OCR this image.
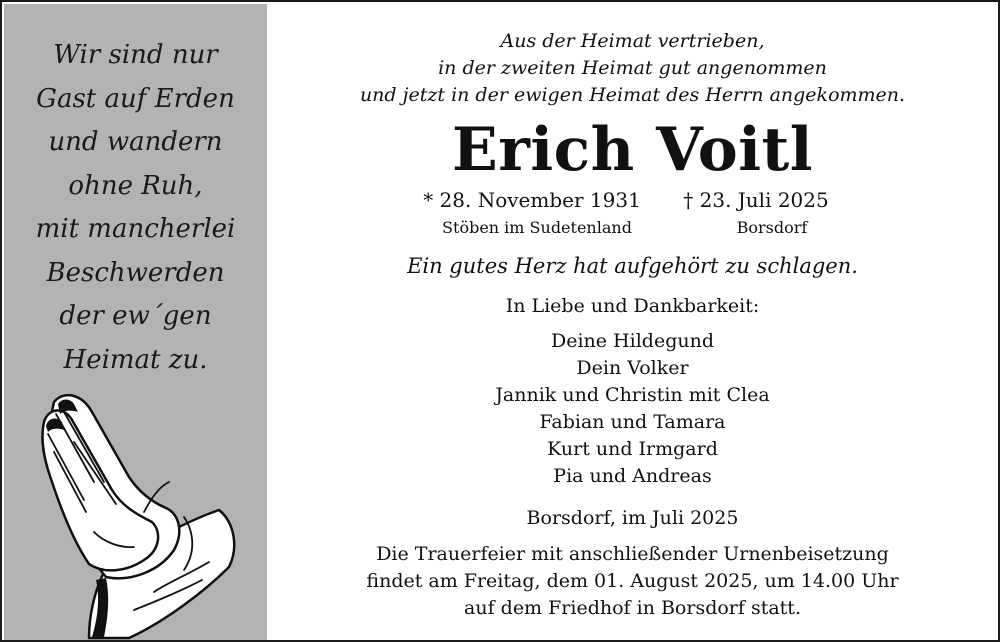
Wir sind nur
Gast auf Erden
und wandern
ohne Ruh,
mit mancherlei
Beschwerden
der ew´gen
Heimat zu.
Aus der Heimat vertrieben,
in der zweiten Heimat gut angenommen
und jetzt in der ewigen Heimat des Herrn angekommen.
Erich Voitl
* 28. November 1931	† 23. Juli 2025
Stöben im Sudetenland	Borsdorf
Ein gutes Herz hat aufgehört zu schlagen.
In Liebe und Dankbarkeit:
Deine Hildegund
Dein Volker
Jannik und Christin mit Clea
Fabian und Tamara
Kurt und Irmgard
Pia und Andreas
Borsdorf, im Juli 2025
Die Trauerfeier mit anschließender Urnenbeisetzung
findet am Freitag, dem 01. August 2025, um 14.00 Uhr
auf dem Friedhof in Borsdorf statt.
